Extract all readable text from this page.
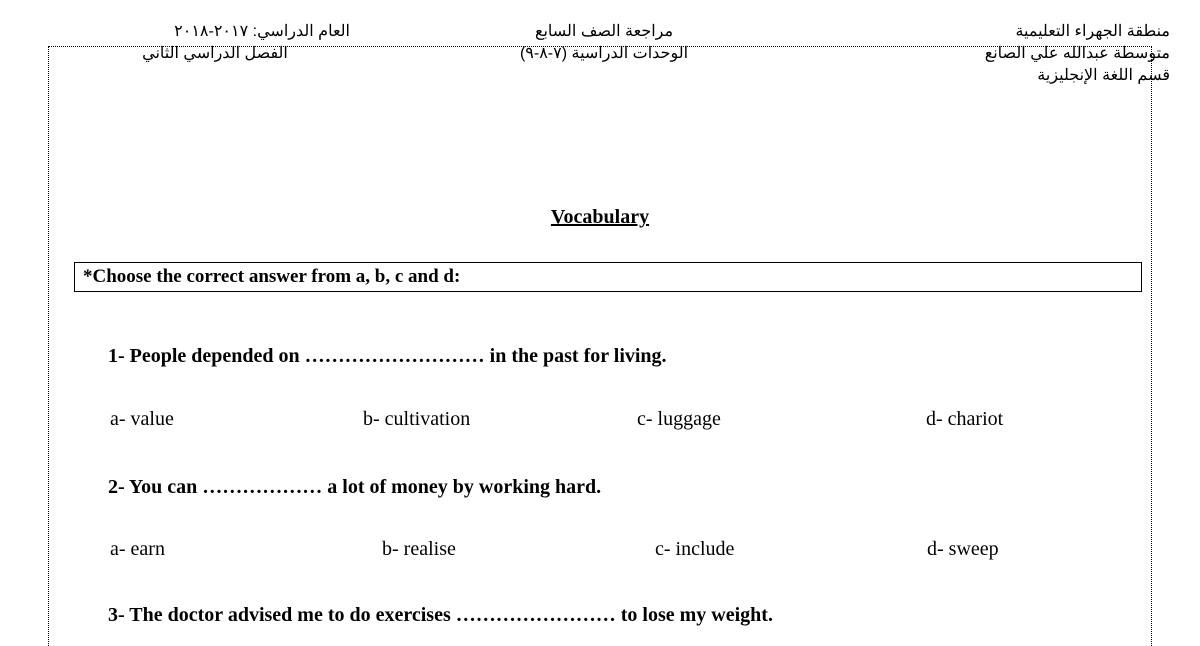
منطقة الجهراء التعليمية
متوسطة عبدالله علي الصانع
قسم اللغة الإنجليزية
مراجعة الصف السابع
الوحدات الدراسية (٧-٨-٩)
العام الدراسي: ٢٠١٧-٢٠١٨
الفصل الدراسي الثاني
Vocabulary
*Choose the correct answer from a, b, c and d:
1- People depended on ……………………… in the past for living.
a- value	b- cultivation	c- luggage	d- chariot
2- You can ……………… a lot of money by working hard.
a- earn	b- realise	c- include	d- sweep
3- The doctor advised me to do exercises …………………… to lose my weight.
